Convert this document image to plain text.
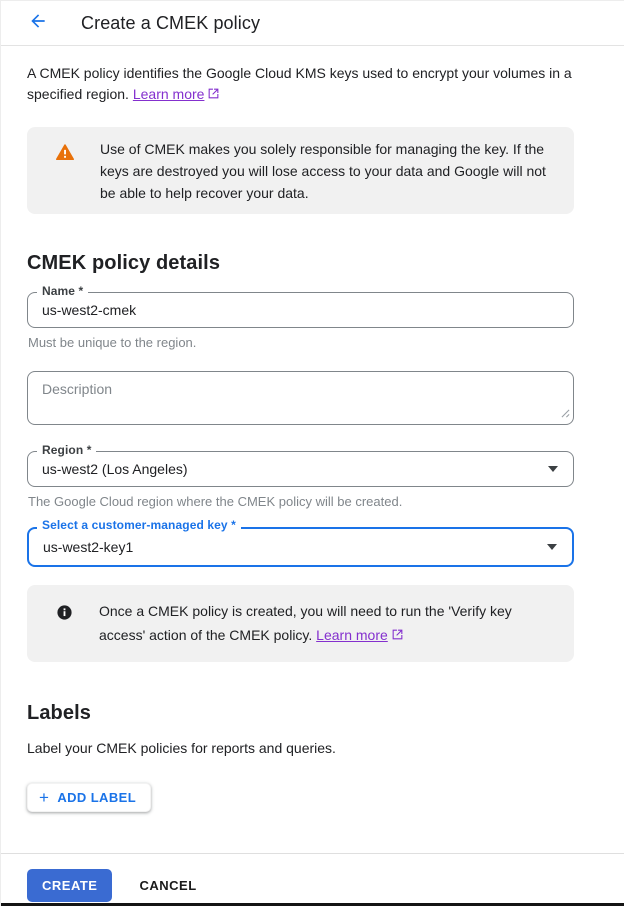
Create a CMEK policy

A CMEK policy identifies the Google Cloud KMS keys used to encrypt your volumes in a specified region. Learn more

Use of CMEK makes you solely responsible for managing the key. If the keys are destroyed you will lose access to your data and Google will not be able to help recover your data.
CMEK policy details
Name *
us-west2-cmek
Must be unique to the region.
Description
Region *
us-west2 (Los Angeles)
The Google Cloud region where the CMEK policy will be created.
Select a customer-managed key *
us-west2-key1
Once a CMEK policy is created, you will need to run the 'Verify key access' action of the CMEK policy. Learn more
Labels

Label your CMEK policies for reports and queries.

+ ADD LABEL
CREATE	CANCEL
